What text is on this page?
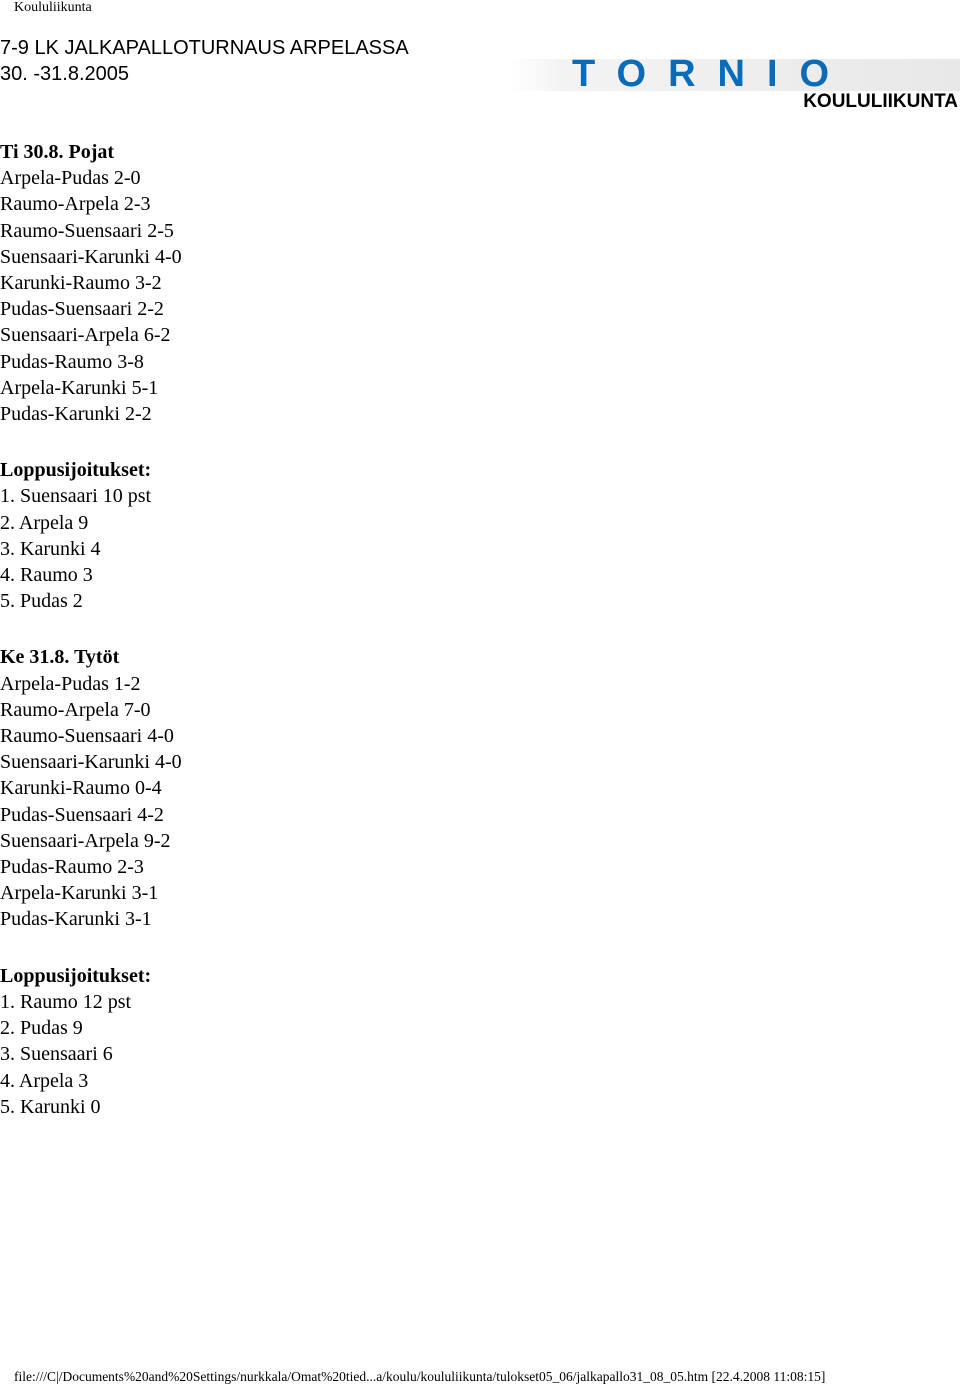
Koululiikunta
7-9 LK JALKAPALLOTURNAUS ARPELASSA
30. -31.8.2005	TORNIO
KOULULIIKUNTA
Ti 30.8. Pojat
Arpela-Pudas 2-0
Raumo-Arpela 2-3
Raumo-Suensaari 2-5
Suensaari-Karunki 4-0
Karunki-Raumo 3-2
Pudas-Suensaari 2-2
Suensaari-Arpela 6-2
Pudas-Raumo 3-8
Arpela-Karunki 5-1
Pudas-Karunki 2-2
Loppusijoitukset:
1. Suensaari 10 pst
2. Arpela 9
3. Karunki 4
4. Raumo 3
5. Pudas 2
Ke 31.8. Tytöt
Arpela-Pudas 1-2
Raumo-Arpela 7-0
Raumo-Suensaari 4-0
Suensaari-Karunki 4-0
Karunki-Raumo 0-4
Pudas-Suensaari 4-2
Suensaari-Arpela 9-2
Pudas-Raumo 2-3
Arpela-Karunki 3-1
Pudas-Karunki 3-1
Loppusijoitukset:
1. Raumo 12 pst
2. Pudas 9
3. Suensaari 6
4. Arpela 3
5. Karunki 0
file:///C|/Documents%20and%20Settings/nurkkala/Omat%20tied...a/koulu/koululiikunta/tulokset05_06/jalkapallo31_08_05.htm [22.4.2008 11:08:15]
